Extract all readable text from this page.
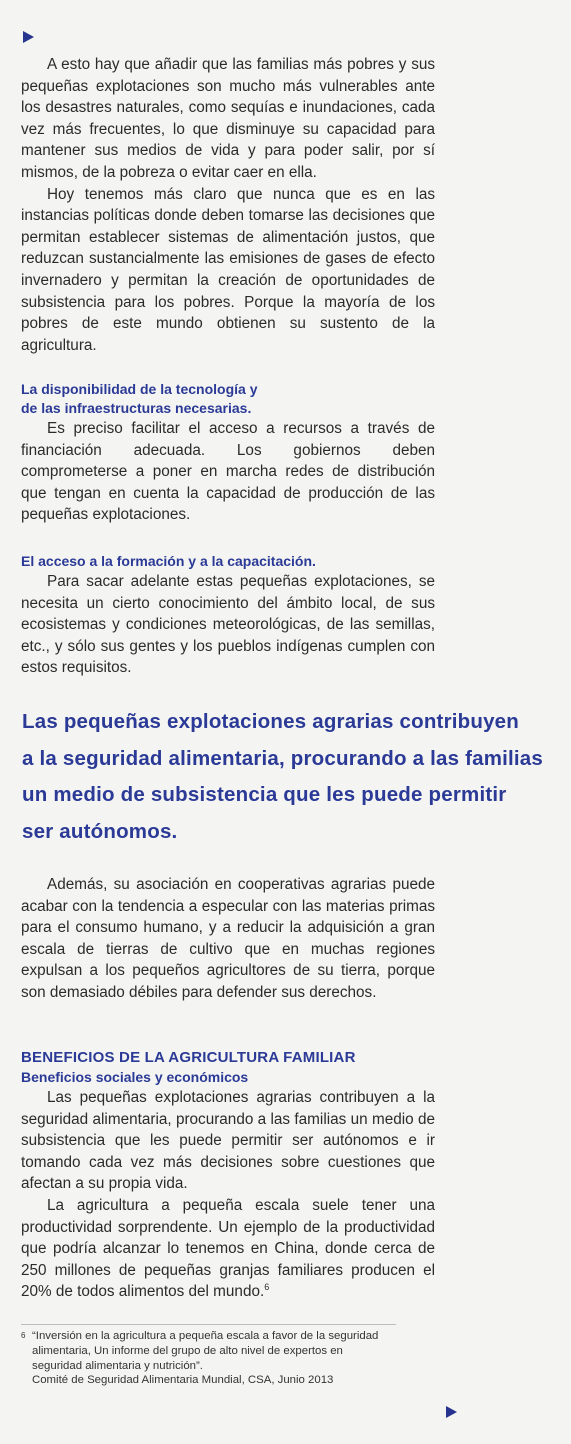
A esto hay que añadir que las familias más pobres y sus pequeñas explotaciones son mucho más vulnerables ante los desastres naturales, como sequías e inundaciones, cada vez más frecuentes, lo que disminuye su capacidad para mantener sus medios de vida y para poder salir, por sí mismos, de la pobreza o evitar caer en ella.

Hoy tenemos más claro que nunca que es en las instancias políticas donde deben tomarse las decisiones que permitan establecer sistemas de alimentación justos, que reduzcan sustancialmente las emisiones de gases de efecto invernadero y permitan la creación de oportunidades de subsistencia para los pobres. Porque la mayoría de los pobres de este mundo obtienen su sustento de la agricultura.

La disponibilidad de la tecnología y
de las infraestructuras necesarias.

Es preciso facilitar el acceso a recursos a través de financiación adecuada. Los gobiernos deben comprometerse a poner en marcha redes de distribución que tengan en cuenta la capacidad de producción de las pequeñas explotaciones.

El acceso a la formación y a la capacitación.

Para sacar adelante estas pequeñas explotaciones, se necesita un cierto conocimiento del ámbito local, de sus ecosistemas y condiciones meteorológicas, de las semillas, etc., y sólo sus gentes y los pueblos indígenas cumplen con estos requisitos.

Las pequeñas explotaciones agrarias contribuyen
a la seguridad alimentaria, procurando a las familias
un medio de subsistencia que les puede permitir
ser autónomos.

Además, su asociación en cooperativas agrarias puede acabar con la tendencia a especular con las materias primas para el consumo humano, y a reducir la adquisición a gran escala de tierras de cultivo que en muchas regiones expulsan a los pequeños agricultores de su tierra, porque son demasiado débiles para defender sus derechos.

BENEFICIOS DE LA AGRICULTURA FAMILIAR
Beneficios sociales y económicos

Las pequeñas explotaciones agrarias contribuyen a la seguridad alimentaria, procurando a las familias un medio de subsistencia que les puede permitir ser autónomos e ir tomando cada vez más decisiones sobre cuestiones que afectan a su propia vida.

La agricultura a pequeña escala suele tener una productividad sorprendente. Un ejemplo de la productividad que podría alcanzar lo tenemos en China, donde cerca de 250 millones de pequeñas granjas familiares producen el 20% de todos alimentos del mundo.$^6$

6 “Inversión en la agricultura a pequeña escala a favor de la seguridad
alimentaria, Un informe del grupo de alto nivel de expertos en
seguridad alimentaria y nutrición”.
Comité de Seguridad Alimentaria Mundial, CSA, Junio 2013
